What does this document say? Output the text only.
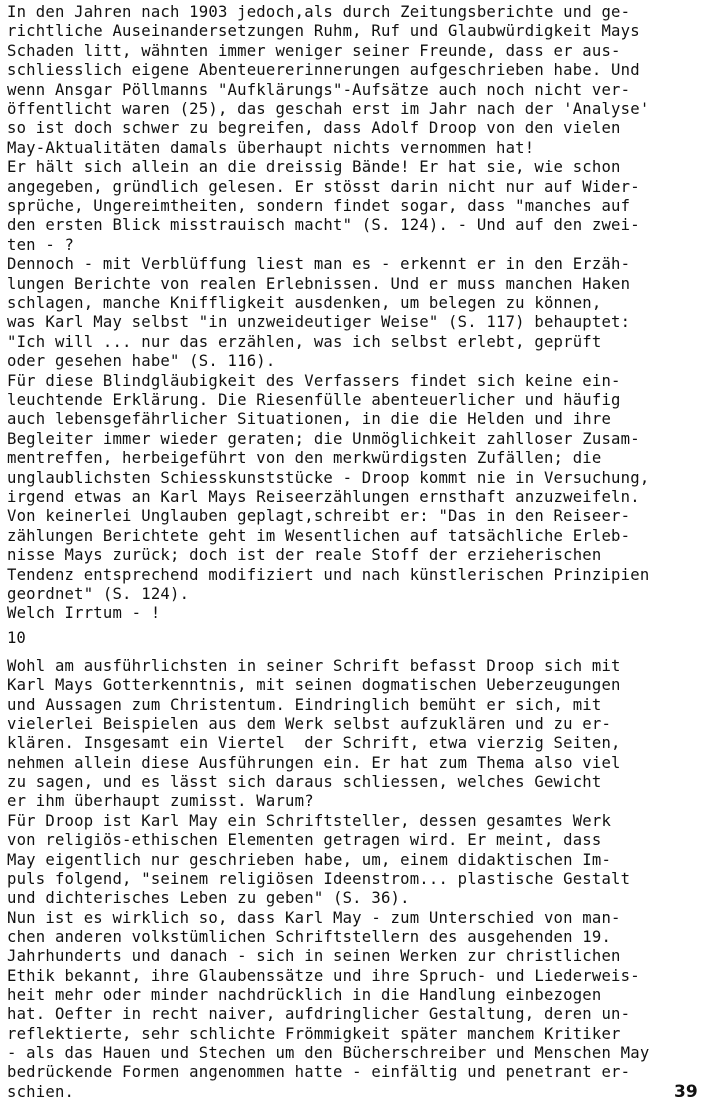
In den Jahren nach 1903 jedoch,als durch Zeitungsberichte und ge-
richtliche Auseinandersetzungen Ruhm, Ruf und Glaubwürdigkeit Mays
Schaden litt, wähnten immer weniger seiner Freunde, dass er aus-
schliesslich eigene Abenteuererinnerungen aufgeschrieben habe. Und
wenn Ansgar Pöllmanns "Aufklärungs"-Aufsätze auch noch nicht ver-
öffentlicht waren (25), das geschah erst im Jahr nach der 'Analyse'
so ist doch schwer zu begreifen, dass Adolf Droop von den vielen
May-Aktualitäten damals überhaupt nichts vernommen hat!
Er hält sich allein an die dreissig Bände! Er hat sie, wie schon
angegeben, gründlich gelesen. Er stösst darin nicht nur auf Wider-
sprüche, Ungereimtheiten, sondern findet sogar, dass "manches auf
den ersten Blick misstrauisch macht" (S. 124). - Und auf den zwei-
ten - ?
Dennoch - mit Verblüffung liest man es - erkennt er in den Erzäh-
lungen Berichte von realen Erlebnissen. Und er muss manchen Haken
schlagen, manche Kniffligkeit ausdenken, um belegen zu können,
was Karl May selbst "in unzweideutiger Weise" (S. 117) behauptet:
"Ich will ... nur das erzählen, was ich selbst erlebt, geprüft
oder gesehen habe" (S. 116).
Für diese Blindgläubigkeit des Verfassers findet sich keine ein-
leuchtende Erklärung. Die Riesenfülle abenteuerlicher und häufig
auch lebensgefährlicher Situationen, in die die Helden und ihre
Begleiter immer wieder geraten; die Unmöglichkeit zahlloser Zusam-
mentreffen, herbeigeführt von den merkwürdigsten Zufällen; die
unglaublichsten Schiesskunststücke - Droop kommt nie in Versuchung,
irgend etwas an Karl Mays Reiseerzählungen ernsthaft anzuzweifeln.
Von keinerlei Unglauben geplagt,schreibt er: "Das in den Reiseer-
zählungen Berichtete geht im Wesentlichen auf tatsächliche Erleb-
nisse Mays zurück; doch ist der reale Stoff der erzieherischen
Tendenz entsprechend modifiziert und nach künstlerischen Prinzipien
geordnet" (S. 124).
Welch Irrtum - !
10
Wohl am ausführlichsten in seiner Schrift befasst Droop sich mit
Karl Mays Gotterkenntnis, mit seinen dogmatischen Ueberzeugungen
und Aussagen zum Christentum. Eindringlich bemüht er sich, mit
vielerlei Beispielen aus dem Werk selbst aufzuklären und zu er-
klären. Insgesamt ein Viertel  der Schrift, etwa vierzig Seiten,
nehmen allein diese Ausführungen ein. Er hat zum Thema also viel
zu sagen, und es lässt sich daraus schliessen, welches Gewicht
er ihm überhaupt zumisst. Warum?
Für Droop ist Karl May ein Schriftsteller, dessen gesamtes Werk
von religiös-ethischen Elementen getragen wird. Er meint, dass
May eigentlich nur geschrieben habe, um, einem didaktischen Im-
puls folgend, "seinem religiösen Ideenstrom... plastische Gestalt
und dichterisches Leben zu geben" (S. 36).
Nun ist es wirklich so, dass Karl May - zum Unterschied von man-
chen anderen volkstümlichen Schriftstellern des ausgehenden 19.
Jahrhunderts und danach - sich in seinen Werken zur christlichen
Ethik bekannt, ihre Glaubenssätze und ihre Spruch- und Liederweis-
heit mehr oder minder nachdrücklich in die Handlung einbezogen
hat. Oefter in recht naiver, aufdringlicher Gestaltung, deren un-
reflektierte, sehr schlichte Frömmigkeit später manchem Kritiker
- als das Hauen und Stechen um den Bücherschreiber und Menschen May
bedrückende Formen angenommen hatte - einfältig und penetrant er-
schien.	39
